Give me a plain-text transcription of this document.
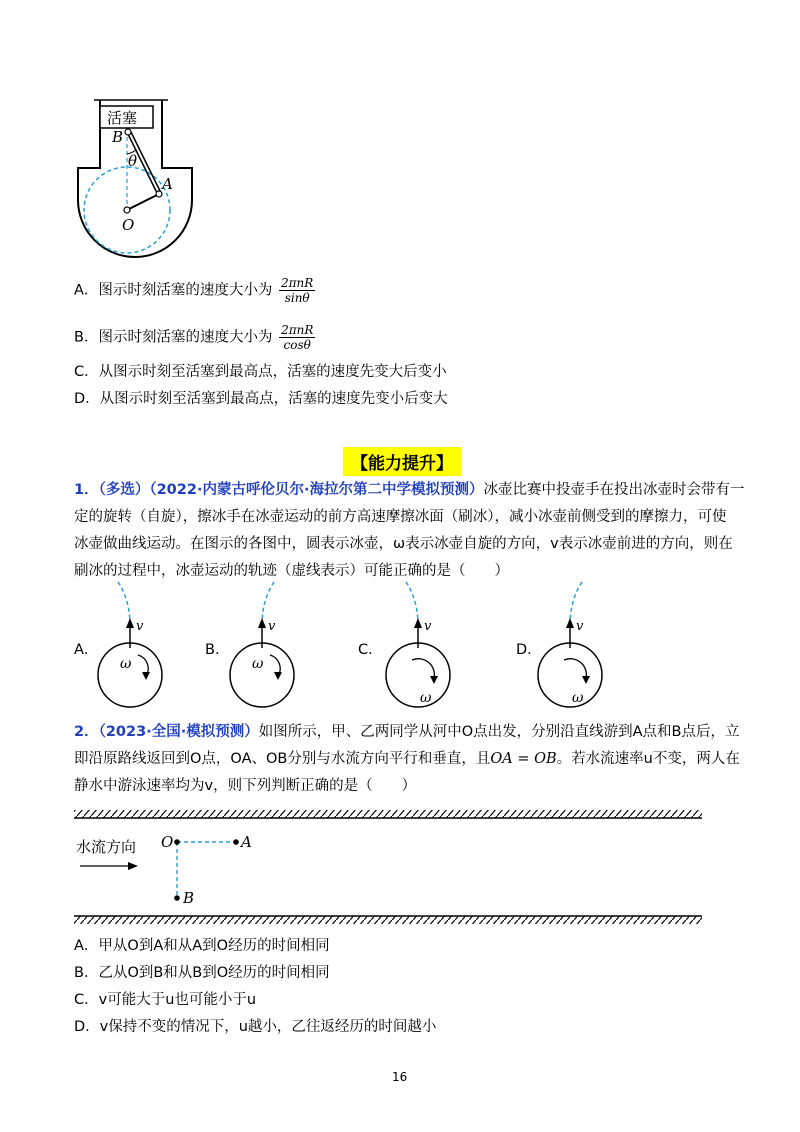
活塞
B
θ
A
O
A．图示时刻活塞的速度大小为 $\frac{\text{2πnR}}{\sin\theta}$
B．图示时刻活塞的速度大小为 $\frac{\text{2πnR}}{\cos\theta}$
C．从图示时刻至活塞到最高点，活塞的速度先变大后变小
D．从图示时刻至活塞到最高点，活塞的速度先变小后变大
【能力提升】
1．（多选）（2022·内蒙古呼伦贝尔·海拉尔第二中学模拟预测）冰壶比赛中投壶手在投出冰壶时会带有一
定的旋转（自旋），擦冰手在冰壶运动的前方高速摩擦冰面（刷冰），减小冰壶前侧受到的摩擦力，可使
冰壶做曲线运动。在图示的各图中，圆表示冰壶，ω表示冰壶自旋的方向，v表示冰壶前进的方向，则在
刷冰的过程中，冰壶运动的轨迹（虚线表示）可能正确的是（　　）
A．	B．	C．	D．
v
ω
v
ω
v
ω
v
ω
2．（2023·全国·模拟预测）如图所示，甲、乙两同学从河中O点出发，分别沿直线游到A点和B点后，立
即沿原路线返回到O点，OA、OB分别与水流方向平行和垂直，且OA = OB。若水流速率u不变，两人在
静水中游泳速率均为v，则下列判断正确的是（　　）
水流方向 O	A
B
A．甲从O到A和从A到O经历的时间相同
B．乙从O到B和从B到O经历的时间相同
C．v可能大于u也可能小于u
D．v保持不变的情况下，u越小，乙往返经历的时间越小
16
